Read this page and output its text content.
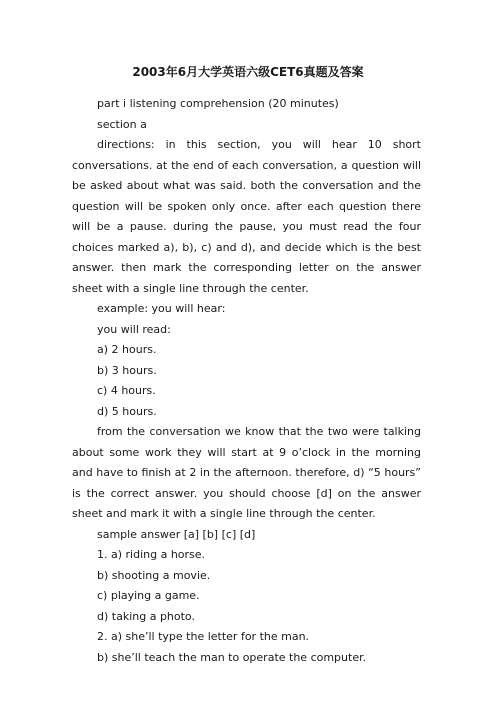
2003年6月大学英语六级CET6真题及答案

part i listening comprehension (20 minutes)

section a

directions: in this section, you will hear 10 short conversations. at the end of each conversation, a question will be asked about what was said. both the conversation and the question will be spoken only once. after each question there will be a pause. during the pause, you must read the four choices marked a), b), c) and d), and decide which is the best answer. then mark the corresponding letter on the answer sheet with a single line through the center.

example: you will hear:

you will read:

a) 2 hours.

b) 3 hours.

c) 4 hours.

d) 5 hours.

from the conversation we know that the two were talking about some work they will start at 9 o’clock in the morning and have to finish at 2 in the afternoon. therefore, d) “5 hours” is the correct answer. you should choose [d] on the answer sheet and mark it with a single line through the center.

sample answer [a] [b] [c] [d]

1. a) riding a horse.

b) shooting a movie.

c) playing a game.

d) taking a photo.

2. a) she’ll type the letter for the man.

b) she’ll teach the man to operate the computer.
